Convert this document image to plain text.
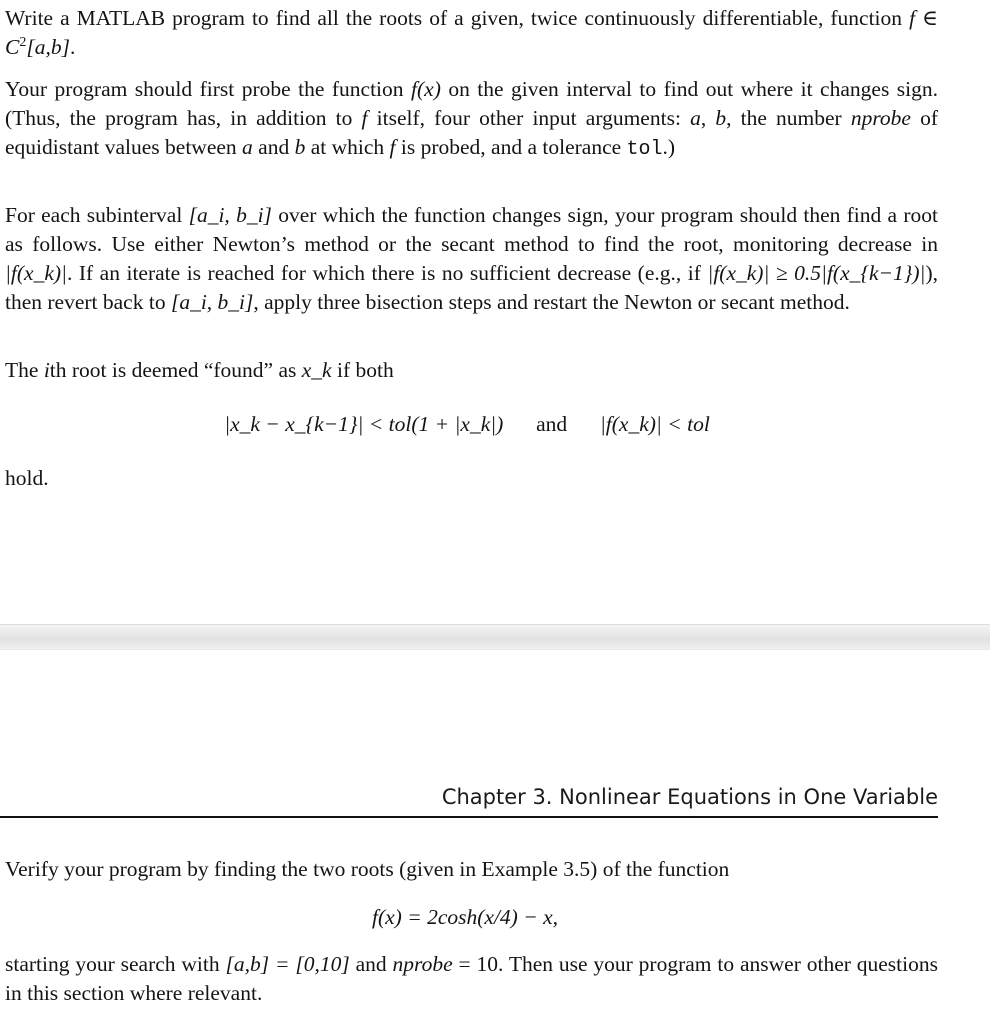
Write a MATLAB program to find all the roots of a given, twice continuously differentiable, function f ∈ $C^2[a,b]$.

Your program should first probe the function f(x) on the given interval to find out where it changes sign. (Thus, the program has, in addition to f itself, four other input arguments: a, b, the number nprobe of equidistant values between a and b at which f is probed, and a tolerance tol.)

For each subinterval [a_i, b_i] over which the function changes sign, your program should then find a root as follows. Use either Newton’s method or the secant method to find the root, monitoring decrease in |f(x_k)|. If an iterate is reached for which there is no sufficient decrease (e.g., if |f(x_k)| ≥ 0.5|f(x_{k−1})|), then revert back to [a_i, b_i], apply three bisection steps and restart the Newton or secant method.

The ith root is deemed “found” as x_k if both

|x_k − x_{k−1}| < tol(1 + |x_k|) and |f(x_k)| < tol

hold.

Chapter 3. Nonlinear Equations in One Variable

Verify your program by finding the two roots (given in Example 3.5) of the function

f(x) = 2cosh(x/4) − x,

starting your search with [a,b] = [0,10] and nprobe = 10. Then use your program to answer other questions in this section where relevant.
